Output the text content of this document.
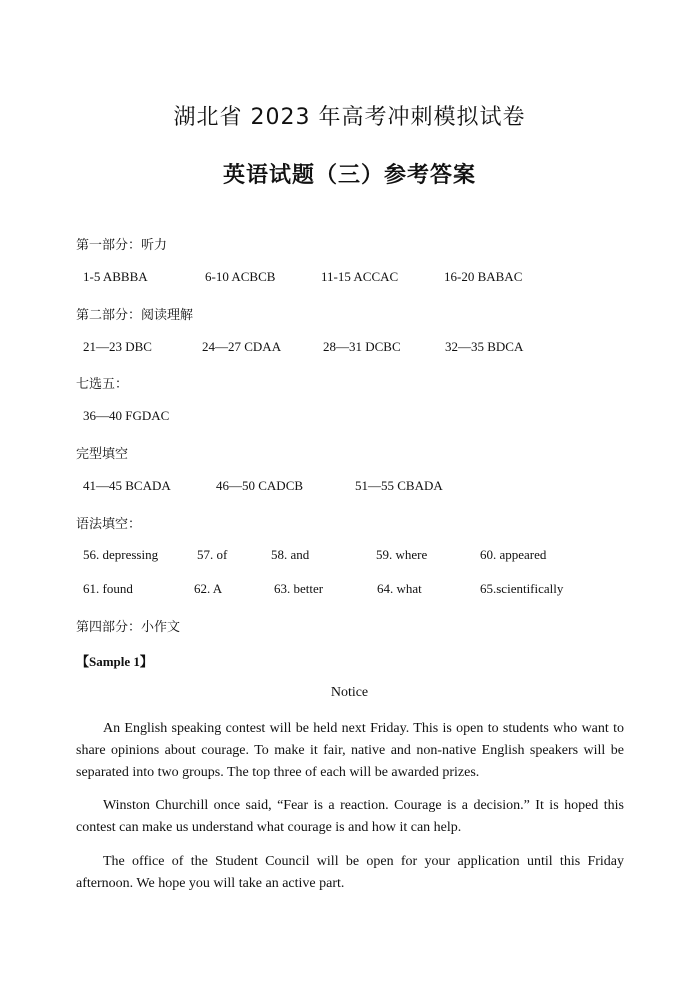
湖北省 2023 年高考冲刺模拟试卷
英语试题（三）参考答案
第一部分：听力
1-5 ABBBA	6-10 ACBCB	11-15 ACCAC	16-20 BABAC
第二部分：阅读理解
21—23 DBC	24—27 CDAA	28—31 DCBC	32—35 BDCA
七选五：
36—40 FGDAC
完型填空
41—45 BCADA	46—50 CADCB	51—55 CBADA
语法填空：
56. depressing	57. of	58. and	59. where	60. appeared
61. found	62. A	63. better	64. what	65.scientifically
第四部分：小作文
【Sample 1】
Notice
An English speaking contest will be held next Friday. This is open to students who want to share opinions about courage. To make it fair, native and non-native English speakers will be separated into two groups. The top three of each will be awarded prizes.
Winston Churchill once said, “Fear is a reaction. Courage is a decision.” It is hoped this contest can make us understand what courage is and how it can help.
The office of the Student Council will be open for your application until this Friday afternoon. We hope you will take an active part.
